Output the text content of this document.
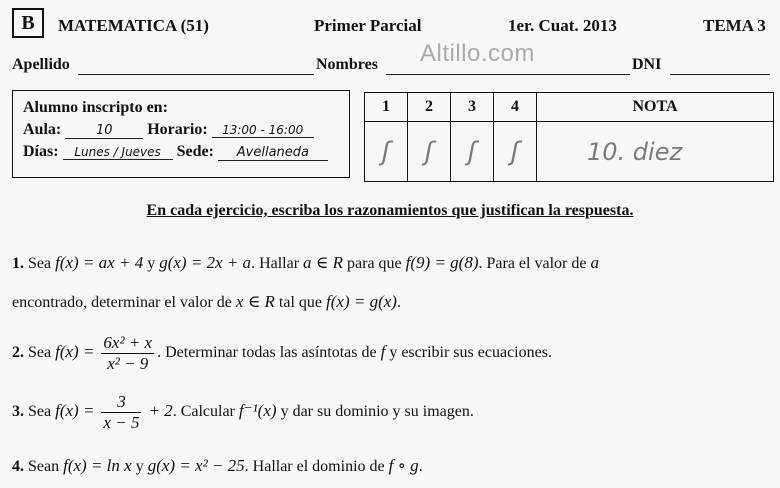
B	MATEMATICA (51)	Primer Parcial	1er. Cuat. 2013	TEMA 3
Apellido	Nombres	DNI
Altillo.com
Alumno inscripto en:
Aula:	10 Horario: 13:00 - 16:00
Días: Lunes / Jueves Sede: Avellaneda
1	2	3	4	NOTA
ʃ	ʃ	ʃ	ʃ	10. diez
En cada ejercicio, escriba los razonamientos que justifican la respuesta.
1. Sea f(x) = ax + 4 y g(x) = 2x + a. Hallar a ∈ R para que f(9) = g(8). Para el valor de a
encontrado, determinar el valor de x ∈ R tal que f(x) = g(x).
2. Sea $f(x) = \frac{\text{6x² + x}}{\text{x² − 9}}$ . Determinar todas las asíntotas de f y escribir sus ecuaciones.
3. Sea $f(x) = \frac{3}{x - 5} + 2$. Calcular f⁻¹(x) y dar su dominio y su imagen.
4. Sean f(x) = ln x y g(x) = x² − 25. Hallar el dominio de f ∘ g.
